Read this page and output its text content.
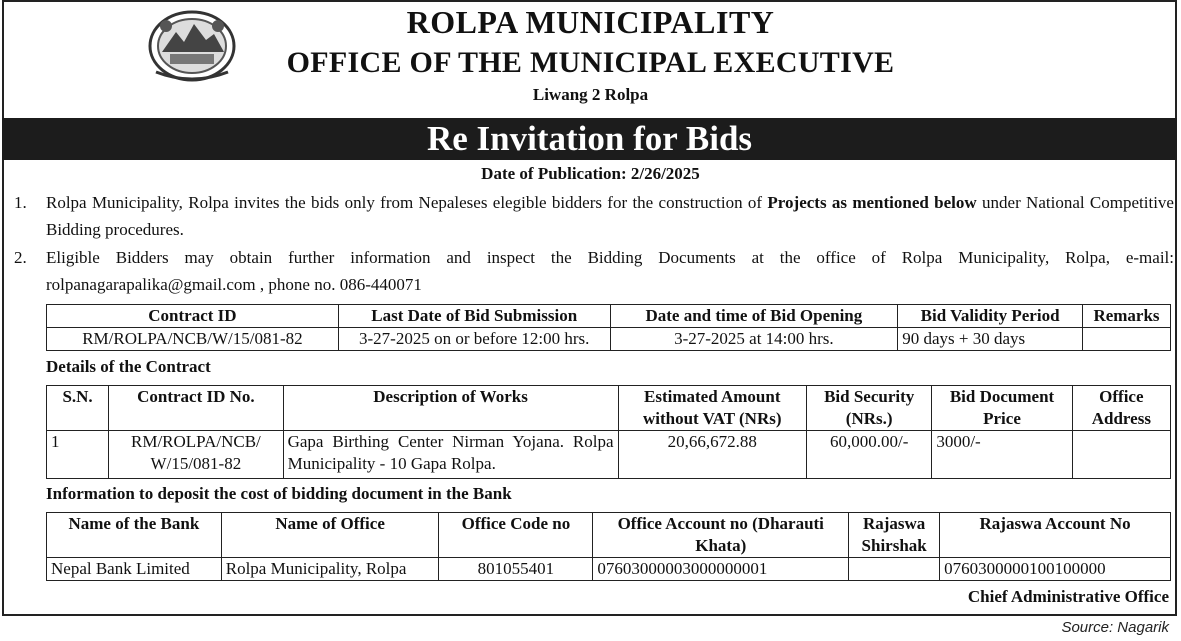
ROLPA MUNICIPALITY
OFFICE OF THE MUNICIPAL EXECUTIVE
Liwang 2 Rolpa
Re Invitation for Bids
Date of Publication: 2/26/2025
1.	Rolpa Municipality, Rolpa invites the bids only from Nepaleses elegible bidders for the construction of Projects as mentioned below under National Competitive Bidding procedures.
2.	Eligible Bidders may obtain further information and inspect the Bidding Documents at the office of Rolpa Municipality, Rolpa, e-mail: rolpanagarapalika@gmail.com , phone no. 086-440071
Contract ID	Last Date of Bid Submission	Date and time of Bid Opening	Bid Validity Period	Remarks
RM/ROLPA/NCB/W/15/081-82	3-27-2025 on or before 12:00 hrs.	3-27-2025 at 14:00 hrs.	90 days + 30 days	
Details of the Contract
S.N.	Contract ID No.	Description of Works	Estimated Amount without VAT (NRs)	Bid Security (NRs.)	Bid Document Price	Office Address
1	RM/ROLPA/NCB/ W/15/081-82	Gapa Birthing Center Nirman Yojana. Rolpa Municipality - 10 Gapa Rolpa.	20,66,672.88	60,000.00/-	3000/-	
Information to deposit the cost of bidding document in the Bank
Name of the Bank	Name of Office	Office Code no	Office Account no (Dharauti Khata)	Rajaswa Shirshak	Rajaswa Account No
Nepal Bank Limited	Rolpa Municipality, Rolpa	801055401	07603000003000000001		0760300000100100000
Chief Administrative Office
Source: Nagarik
